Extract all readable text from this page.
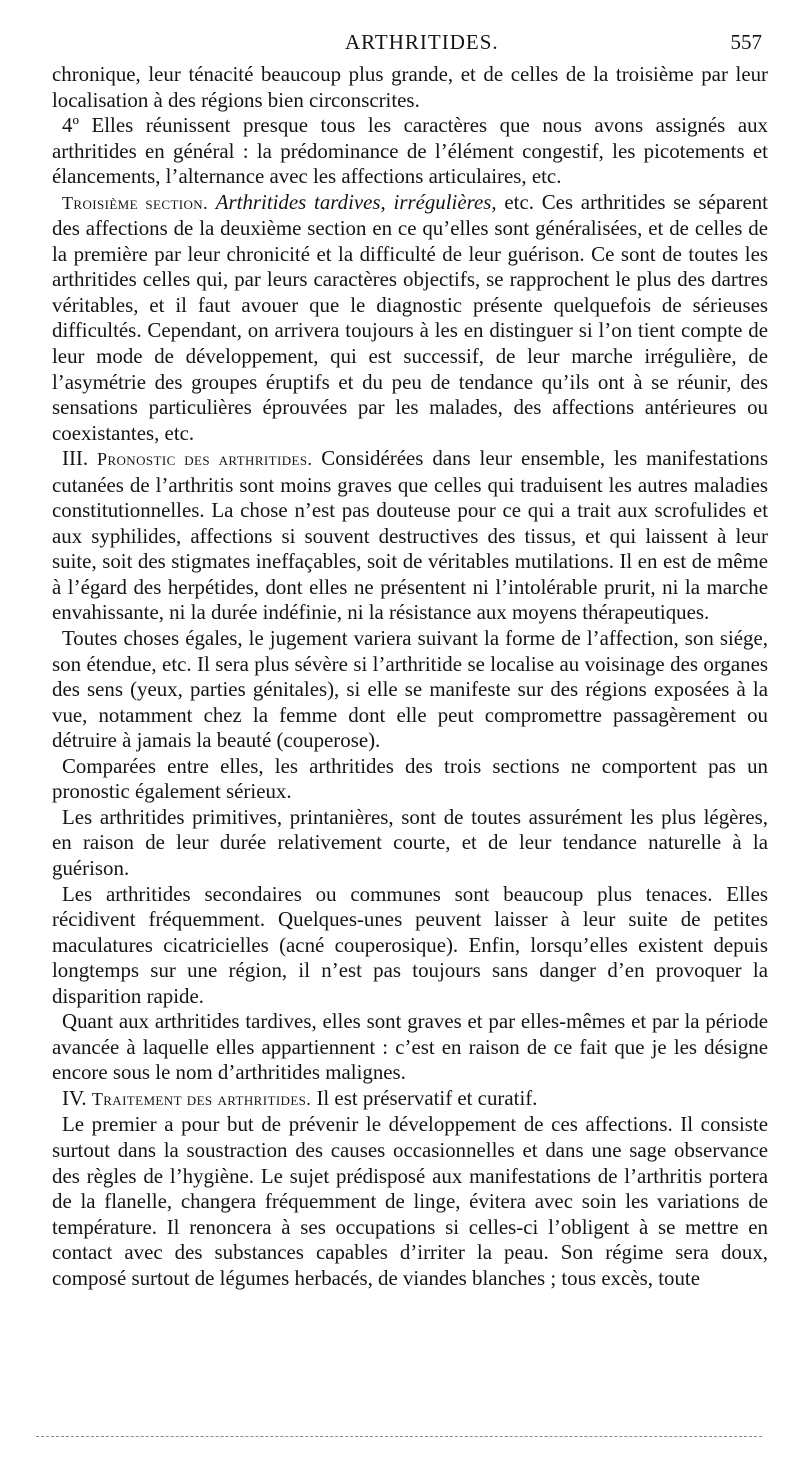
ARTHRITIDES.	557

chronique, leur ténacité beaucoup plus grande, et de celles de la troisième par leur localisation à des régions bien circonscrites.

4º Elles réunissent presque tous les caractères que nous avons assignés aux arthritides en général : la prédominance de l’élément congestif, les picotements et élancements, l’alternance avec les affections articulaires, etc.

Troisième section. Arthritides tardives, irrégulières, etc. Ces arthritides se séparent des affections de la deuxième section en ce qu’elles sont généralisées, et de celles de la première par leur chronicité et la difficulté de leur guérison. Ce sont de toutes les arthritides celles qui, par leurs caractères objectifs, se rapprochent le plus des dartres véritables, et il faut avouer que le diagnostic présente quelquefois de sérieuses difficultés. Cependant, on arrivera toujours à les en distinguer si l’on tient compte de leur mode de développement, qui est successif, de leur marche irrégulière, de l’asymétrie des groupes éruptifs et du peu de tendance qu’ils ont à se réunir, des sensations particulières éprouvées par les malades, des affections antérieures ou coexistantes, etc.

III. Pronostic des arthritides. Considérées dans leur ensemble, les manifestations cutanées de l’arthritis sont moins graves que celles qui traduisent les autres maladies constitutionnelles. La chose n’est pas douteuse pour ce qui a trait aux scrofulides et aux syphilides, affections si souvent destructives des tissus, et qui laissent à leur suite, soit des stigmates ineffaçables, soit de véritables mutilations. Il en est de même à l’égard des herpétides, dont elles ne présentent ni l’intolérable prurit, ni la marche envahissante, ni la durée indéfinie, ni la résistance aux moyens thérapeutiques.

Toutes choses égales, le jugement variera suivant la forme de l’affection, son siége, son étendue, etc. Il sera plus sévère si l’arthritide se localise au voisinage des organes des sens (yeux, parties génitales), si elle se manifeste sur des régions exposées à la vue, notamment chez la femme dont elle peut compromettre passagèrement ou détruire à jamais la beauté (couperose).

Comparées entre elles, les arthritides des trois sections ne comportent pas un pronostic également sérieux.

Les arthritides primitives, printanières, sont de toutes assurément les plus légères, en raison de leur durée relativement courte, et de leur tendance naturelle à la guérison.

Les arthritides secondaires ou communes sont beaucoup plus tenaces. Elles récidivent fréquemment. Quelques-unes peuvent laisser à leur suite de petites maculatures cicatricielles (acné couperosique). Enfin, lorsqu’elles existent depuis longtemps sur une région, il n’est pas toujours sans danger d’en provoquer la disparition rapide.

Quant aux arthritides tardives, elles sont graves et par elles-mêmes et par la période avancée à laquelle elles appartiennent : c’est en raison de ce fait que je les désigne encore sous le nom d’arthritides malignes.

IV. Traitement des arthritides. Il est préservatif et curatif.

Le premier a pour but de prévenir le développement de ces affections. Il consiste surtout dans la soustraction des causes occasionnelles et dans une sage observance des règles de l’hygiène. Le sujet prédisposé aux manifestations de l’arthritis portera de la flanelle, changera fréquemment de linge, évitera avec soin les variations de température. Il renoncera à ses occupations si celles-ci l’obligent à se mettre en contact avec des substances capables d’irriter la peau. Son régime sera doux, composé surtout de légumes herbacés, de viandes blanches ; tous excès, toute
